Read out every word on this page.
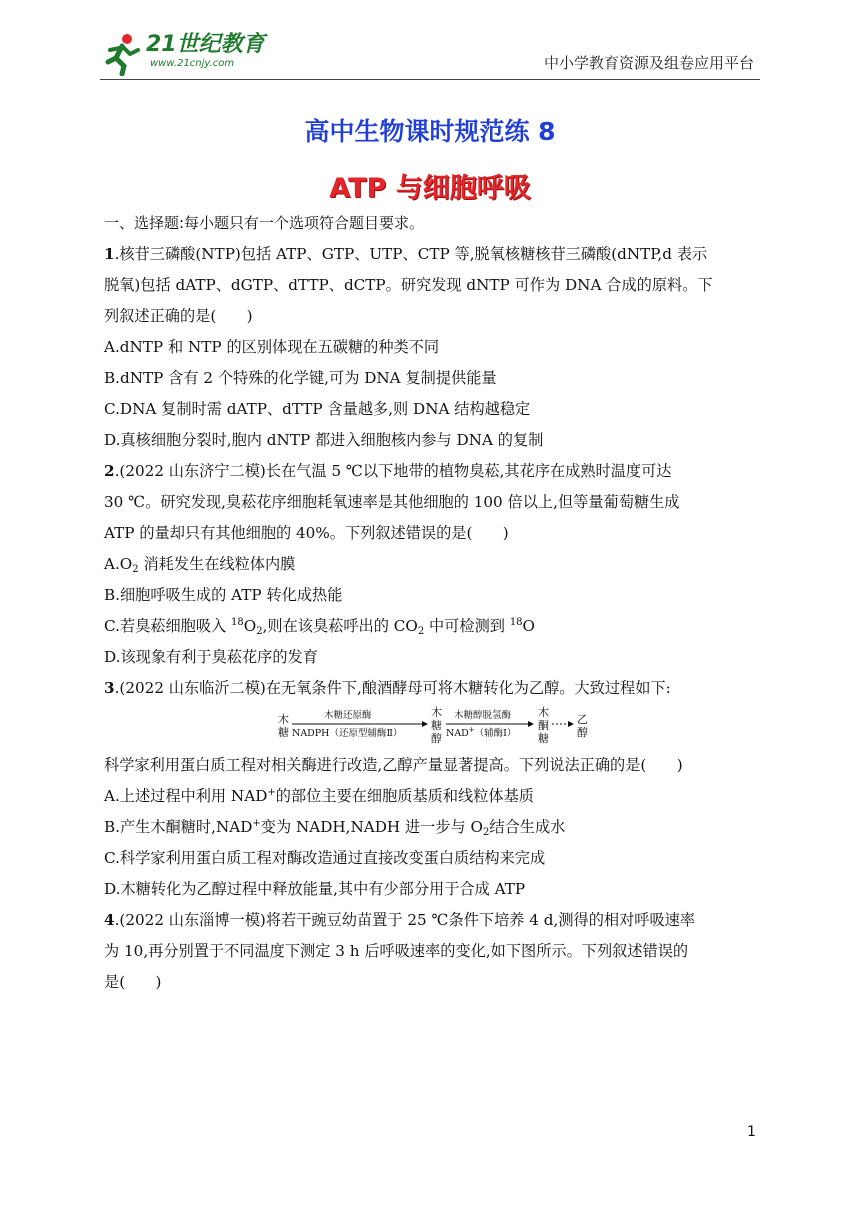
21世纪教育
www.21cnjy.com	中小学教育资源及组卷应用平台
高中生物课时规范练 8
ATP 与细胞呼吸
一、选择题:每小题只有一个选项符合题目要求。
1.核苷三磷酸(NTP)包括 ATP、GTP、UTP、CTP 等,脱氧核糖核苷三磷酸(dNTP,d 表示
脱氧)包括 dATP、dGTP、dTTP、dCTP。研究发现 dNTP 可作为 DNA 合成的原料。下
列叙述正确的是(　　)
A.dNTP 和 NTP 的区别体现在五碳糖的种类不同
B.dNTP 含有 2 个特殊的化学键,可为 DNA 复制提供能量
C.DNA 复制时需 dATP、dTTP 含量越多,则 DNA 结构越稳定
D.真核细胞分裂时,胞内 dNTP 都进入细胞核内参与 DNA 的复制
2.(2022 山东济宁二模)长在气温 5 ℃以下地带的植物臭菘,其花序在成熟时温度可达
30 ℃。研究发现,臭菘花序细胞耗氧速率是其他细胞的 100 倍以上,但等量葡萄糖生成
ATP 的量却只有其他细胞的 40%。下列叙述错误的是(　　)
$A.O_2$ 消耗发生在线粒体内膜
B.细胞呼吸生成的 ATP 转化成热能
C.若臭菘细胞吸入 $^{18}O_2$,则在该臭菘呼出的 $CO_2$ 中可检测到 $^{18}$O
D.该现象有利于臭菘花序的发育
3.(2022 山东临沂二模)在无氧条件下,酿酒酵母可将木糖转化为乙醇。大致过程如下:
木
糖
木糖还原酶
NADPH（还原型辅酶Ⅱ）
木
糖
醇
木糖醇脱氢酶
NAD+（辅酶Ⅰ）
木
酮
糖
乙
醇
科学家利用蛋白质工程对相关酶进行改造,乙醇产量显著提高。下列说法正确的是(　　)
A.上述过程中利用 NAD+的部位主要在细胞质基质和线粒体基质
B.产生木酮糖时,NAD+变为 NADH,NADH 进一步与 $O_2$结合生成水
C.科学家利用蛋白质工程对酶改造通过直接改变蛋白质结构来完成
D.木糖转化为乙醇过程中释放能量,其中有少部分用于合成 ATP
4.(2022 山东淄博一模)将若干豌豆幼苗置于 25 ℃条件下培养 4 d,测得的相对呼吸速率
为 10,再分别置于不同温度下测定 3 h 后呼吸速率的变化,如下图所示。下列叙述错误的
是(　　)
1
